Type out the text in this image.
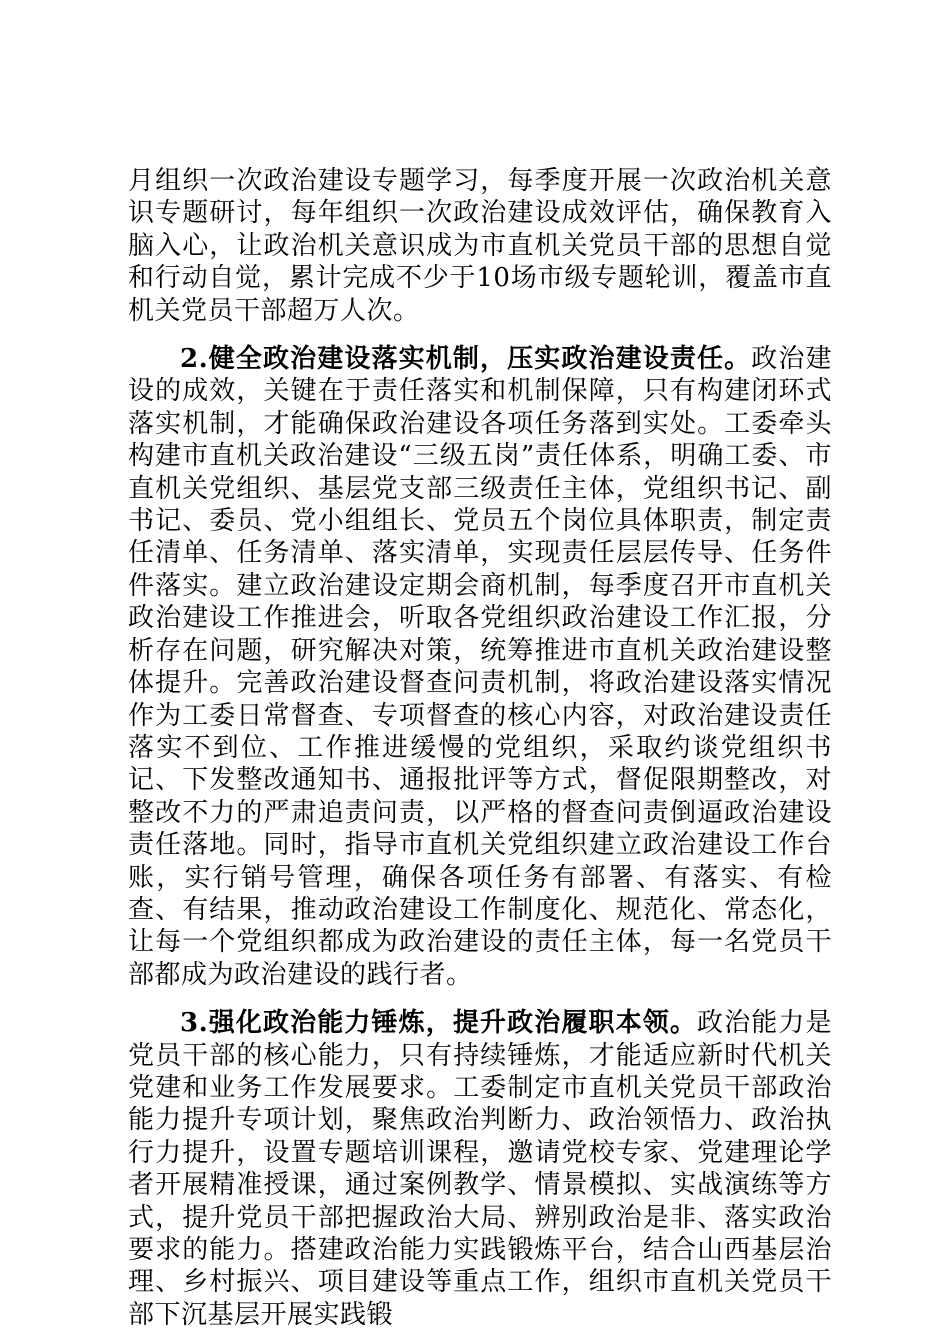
月组织一次政治建设专题学习，每季度开展一次政治机关意识专题研讨，每年组织一次政治建设成效评估，确保教育入脑入心，让政治机关意识成为市直机关党员干部的思想自觉和行动自觉，累计完成不少于10场市级专题轮训，覆盖市直机关党员干部超万人次。

2.健全政治建设落实机制，压实政治建设责任。政治建设的成效，关键在于责任落实和机制保障，只有构建闭环式落实机制，才能确保政治建设各项任务落到实处。工委牵头构建市直机关政治建设“三级五岗”责任体系，明确工委、市直机关党组织、基层党支部三级责任主体，党组织书记、副书记、委员、党小组组长、党员五个岗位具体职责，制定责任清单、任务清单、落实清单，实现责任层层传导、任务件件落实。建立政治建设定期会商机制，每季度召开市直机关政治建设工作推进会，听取各党组织政治建设工作汇报，分析存在问题，研究解决对策，统筹推进市直机关政治建设整体提升。完善政治建设督查问责机制，将政治建设落实情况作为工委日常督查、专项督查的核心内容，对政治建设责任落实不到位、工作推进缓慢的党组织，采取约谈党组织书记、下发整改通知书、通报批评等方式，督促限期整改，对整改不力的严肃追责问责，以严格的督查问责倒逼政治建设责任落地。同时，指导市直机关党组织建立政治建设工作台账，实行销号管理，确保各项任务有部署、有落实、有检查、有结果，推动政治建设工作制度化、规范化、常态化，让每一个党组织都成为政治建设的责任主体，每一名党员干部都成为政治建设的践行者。

3.强化政治能力锤炼，提升政治履职本领。政治能力是党员干部的核心能力，只有持续锤炼，才能适应新时代机关党建和业务工作发展要求。工委制定市直机关党员干部政治能力提升专项计划，聚焦政治判断力、政治领悟力、政治执行力提升，设置专题培训课程，邀请党校专家、党建理论学者开展精准授课，通过案例教学、情景模拟、实战演练等方式，提升党员干部把握政治大局、辨别政治是非、落实政治要求的能力。搭建政治能力实践锻炼平台，结合山西基层治理、乡村振兴、项目建设等重点工作，组织市直机关党员干部下沉基层开展实践锻
